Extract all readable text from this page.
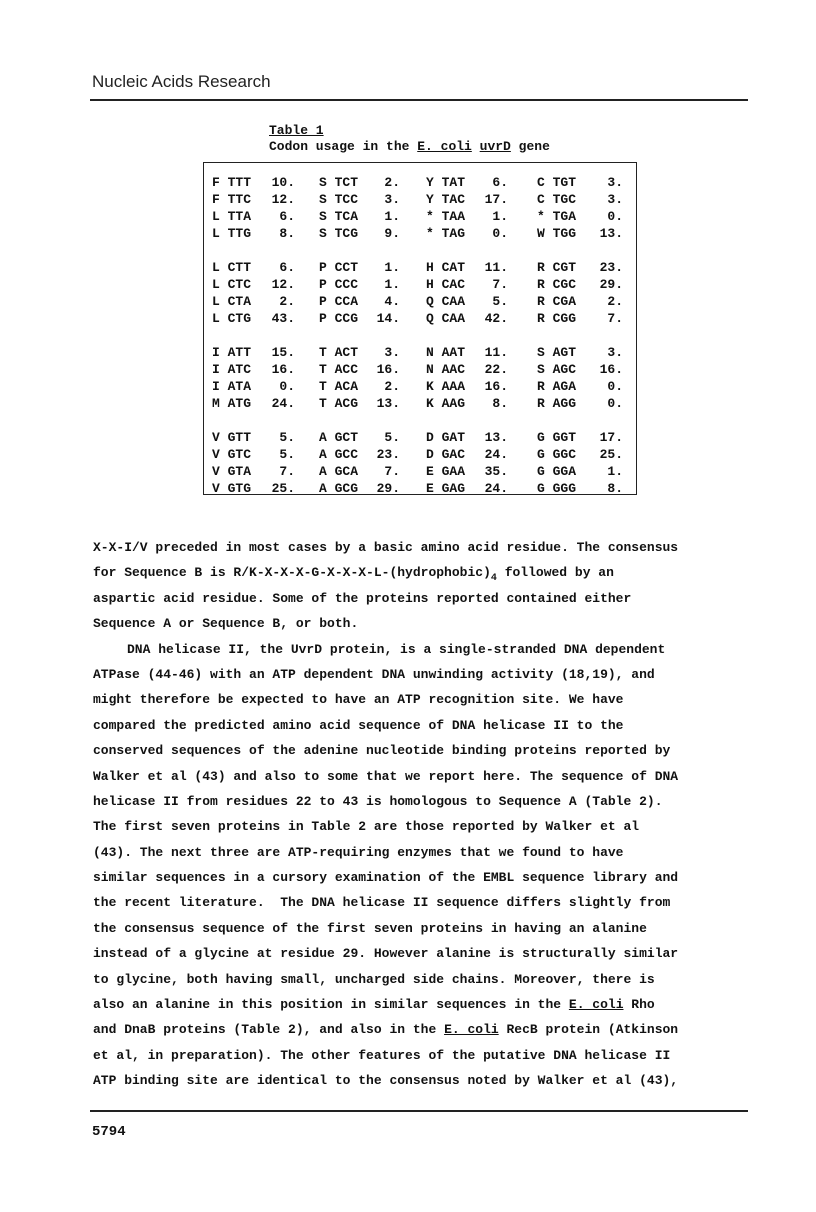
Nucleic Acids Research
Table 1
Codon usage in the E. coli uvrD gene
F TTT	10. S TCT	2. Y TAT	6. C TGT	3.
F TTC	12. S TCC	3. Y TAC	17. C TGC	3.
L TTA	6. S TCA	1. * TAA	1. * TGA	0.
L TTG	8. S TCG	9. * TAG	0. W TGG	13.
L CTT	6. P CCT	1. H CAT	11. R CGT	23.
L CTC	12. P CCC	1. H CAC	7. R CGC	29.
L CTA	2. P CCA	4. Q CAA	5. R CGA	2.
L CTG	43. P CCG	14. Q CAA	42. R CGG	7.
I ATT	15. T ACT	3. N AAT	11. S AGT	3.
I ATC	16. T ACC	16. N AAC	22. S AGC	16.
I ATA	0. T ACA	2. K AAA	16. R AGA	0.
M ATG	24. T ACG	13. K AAG	8. R AGG	0.
V GTT	5. A GCT	5. D GAT	13. G GGT	17.
V GTC	5. A GCC	23. D GAC	24. G GGC	25.
V GTA	7. A GCA	7. E GAA	35. G GGA	1.
V GTG	25. A GCG	29. E GAG	24. G GGG	8.
X-X-I/V preceded in most cases by a basic amino acid residue. The consensus
for Sequence B is $R/K-X-X-X-G-X-X-X-L-(hydrophobic)_4$ followed by an
aspartic acid residue. Some of the proteins reported contained either
Sequence A or Sequence B, or both.
DNA helicase II, the UvrD protein, is a single-stranded DNA dependent
ATPase (44-46) with an ATP dependent DNA unwinding activity (18,19), and
might therefore be expected to have an ATP recognition site. We have
compared the predicted amino acid sequence of DNA helicase II to the
conserved sequences of the adenine nucleotide binding proteins reported by
Walker et al (43) and also to some that we report here. The sequence of DNA
helicase II from residues 22 to 43 is homologous to Sequence A (Table 2).
The first seven proteins in Table 2 are those reported by Walker et al
(43). The next three are ATP-requiring enzymes that we found to have
similar sequences in a cursory examination of the EMBL sequence library and
the recent literature.  The DNA helicase II sequence differs slightly from
the consensus sequence of the first seven proteins in having an alanine
instead of a glycine at residue 29. However alanine is structurally similar
to glycine, both having small, uncharged side chains. Moreover, there is
also an alanine in this position in similar sequences in the E. coli Rho
and DnaB proteins (Table 2), and also in the E. coli RecB protein (Atkinson
et al, in preparation). The other features of the putative DNA helicase II
ATP binding site are identical to the consensus noted by Walker et al (43),
5794
